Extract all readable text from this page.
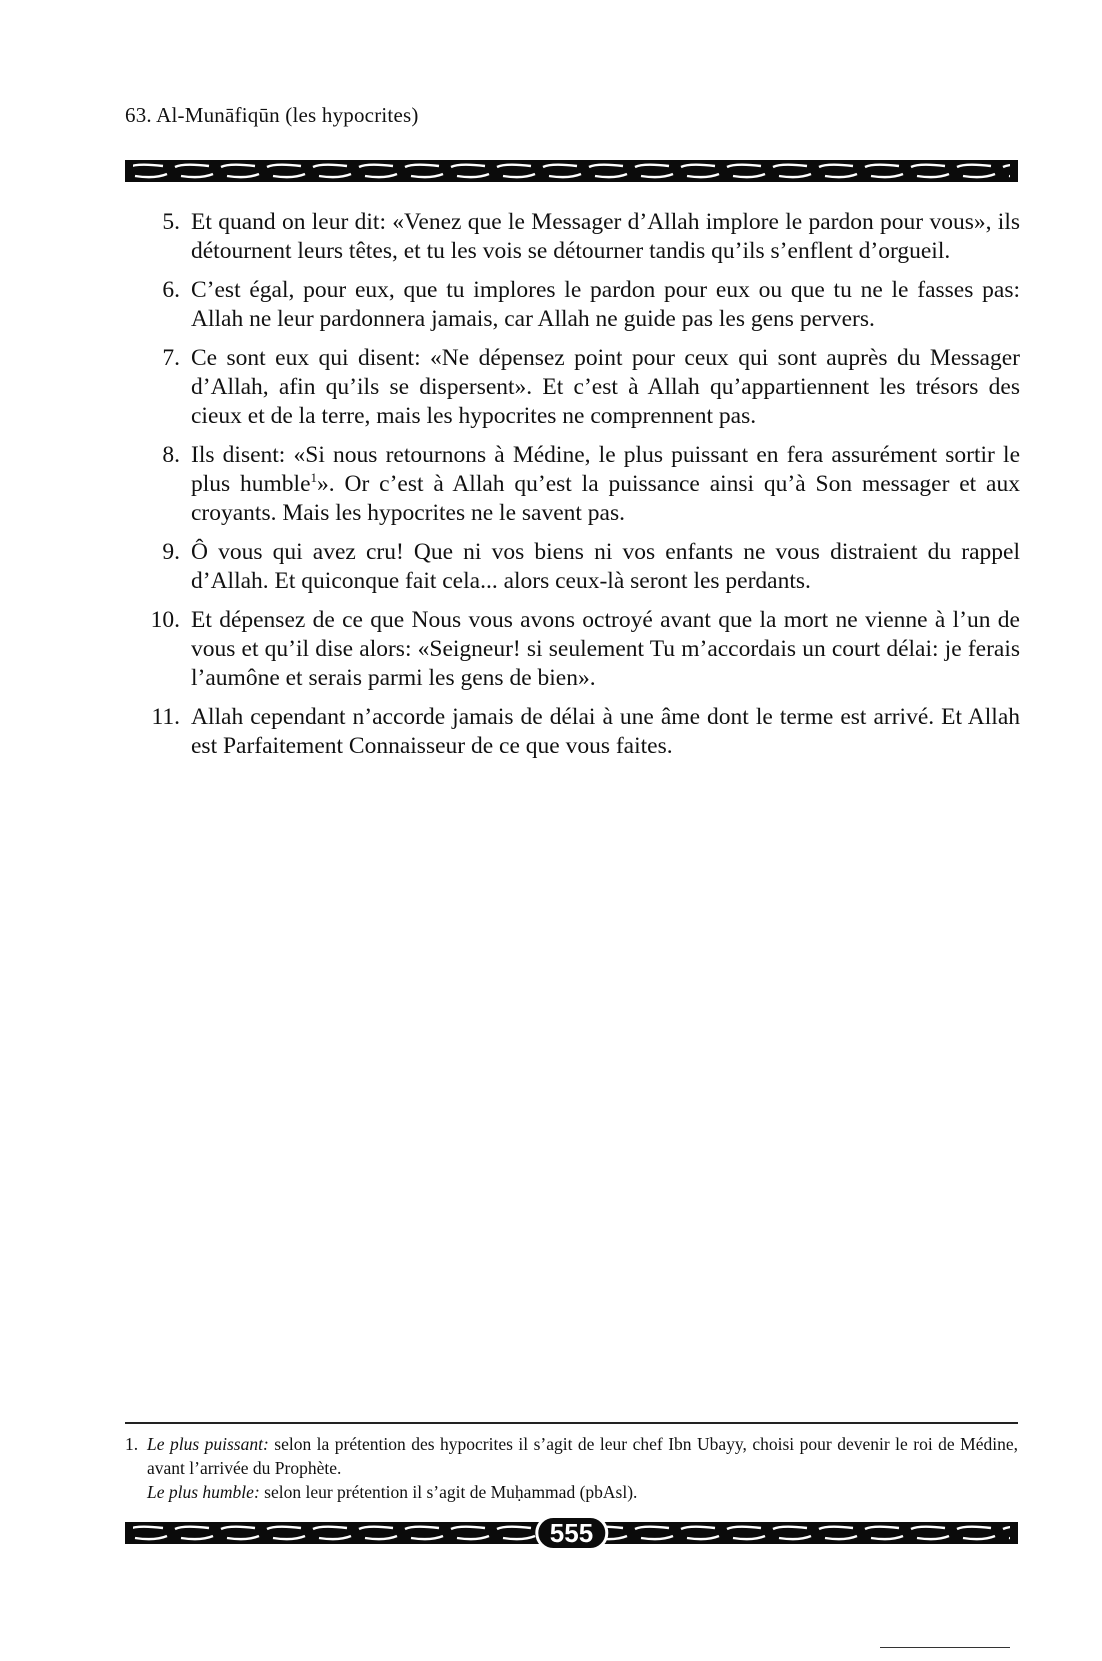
63. Al-Munāfiqūn (les hypocrites)
5. Et quand on leur dit: «Venez que le Messager d’Allah implore le pardon pour vous», ils détournent leurs têtes, et tu les vois se détourner tandis qu’ils s’enflent d’orgueil.
6. C’est égal, pour eux, que tu implores le pardon pour eux ou que tu ne le fasses pas: Allah ne leur pardonnera jamais, car Allah ne guide pas les gens pervers.
7. Ce sont eux qui disent: «Ne dépensez point pour ceux qui sont auprès du Messager d’Allah, afin qu’ils se dispersent». Et c’est à Allah qu’appartiennent les trésors des cieux et de la terre, mais les hypocrites ne comprennent pas.
8. Ils disent: «Si nous retournons à Médine, le plus puissant en fera assurément sortir le plus humble$^1$». Or c’est à Allah qu’est la puissance ainsi qu’à Son messager et aux croyants. Mais les hypocrites ne le savent pas.
9. Ô vous qui avez cru! Que ni vos biens ni vos enfants ne vous distraient du rappel d’Allah. Et quiconque fait cela... alors ceux-là seront les perdants.
10. Et dépensez de ce que Nous vous avons octroyé avant que la mort ne vienne à l’un de vous et qu’il dise alors: «Seigneur! si seulement Tu m’accordais un court délai: je ferais l’aumône et serais parmi les gens de bien».
11. Allah cependant n’accorde jamais de délai à une âme dont le terme est arrivé. Et Allah est Parfaitement Connaisseur de ce que vous faites.
1. Le plus puissant: selon la prétention des hypocrites il s’agit de leur chef Ibn Ubayy, choisi pour devenir le roi de Médine, avant l’arrivée du Prophète.
Le plus humble: selon leur prétention il s’agit de Muḥammad (pbAsl).
555
